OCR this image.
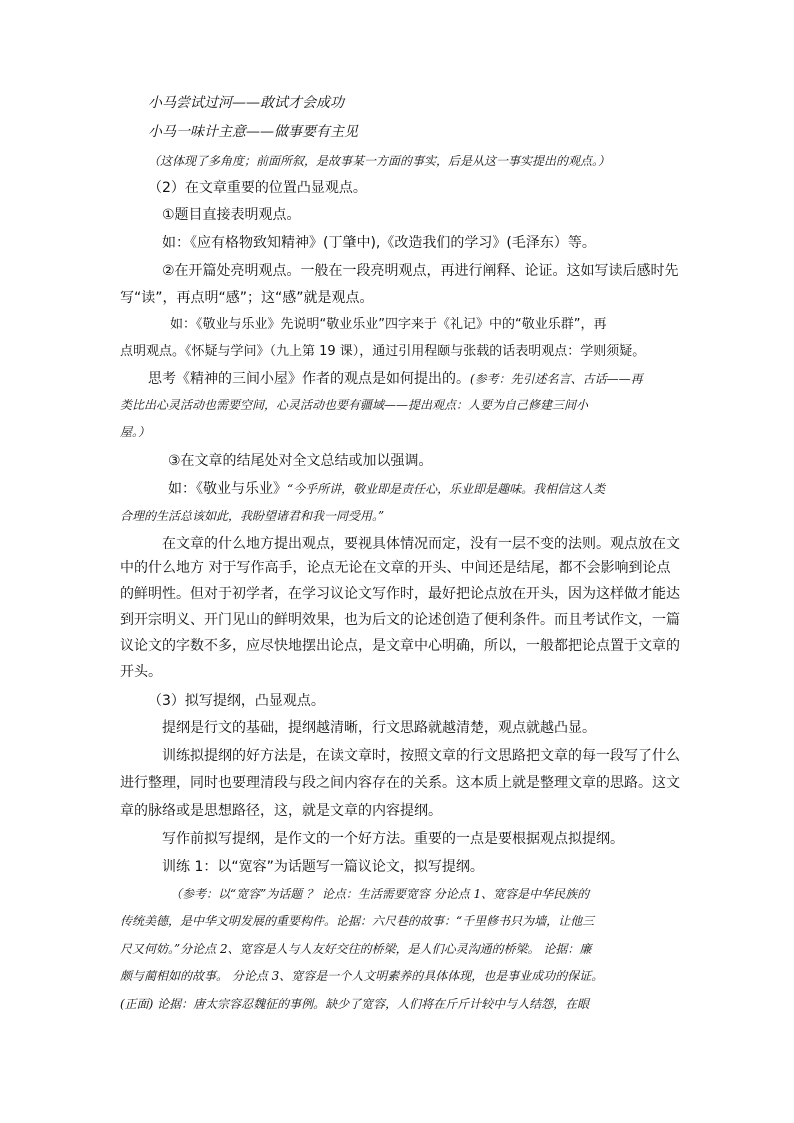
小马尝试过河——敢试才会成功
小马一味计主意——做事要有主见
（这体现了多角度；前面所叙，是故事某一方面的事实，后是从这一事实提出的观点。）
（2）在文章重要的位置凸显观点。
①题目直接表明观点。
如：《应有格物致知精神》(丁肇中),《改造我们的学习》(毛泽东）等。
②在开篇处亮明观点。一般在一段亮明观点，再进行阐释、论证。这如写读后感时先
写“读”，再点明“感”；这“感”就是观点。
如：《敬业与乐业》先说明“敬业乐业”四字来于《礼记》中的“敬业乐群”，再
点明观点。《怀疑与学问》（九上第 19 课），通过引用程颐与张载的话表明观点：学则须疑。
思考《精神的三间小屋》作者的观点是如何提出的。(参考：先引述名言、古话——再
类比出心灵活动也需要空间，心灵活动也要有疆域——提出观点：人要为自己修建三间小
屋。）
③在文章的结尾处对全文总结或加以强调。
如：《敬业与乐业》“今乎所讲，敬业即是责任心，乐业即是趣味。我相信这人类
合理的生活总该如此，我盼望诸君和我一同受用。”
在文章的什么地方提出观点，要视具体情况而定，没有一层不变的法则。观点放在文
中的什么地方 对于写作高手，论点无论在文章的开头、中间还是结尾，都不会影响到论点
的鲜明性。但对于初学者，在学习议论文写作时，最好把论点放在开头，因为这样做才能达
到开宗明义、开门见山的鲜明效果，也为后文的论述创造了便利条件。而且考试作文，一篇
议论文的字数不多，应尽快地摆出论点，是文章中心明确，所以，一般都把论点置于文章的
开头。
（3）拟写提纲，凸显观点。
提纲是行文的基础，提纲越清晰，行文思路就越清楚，观点就越凸显。
训练拟提纲的好方法是，在读文章时，按照文章的行文思路把文章的每一段写了什么
进行整理，同时也要理清段与段之间内容存在的关系。这本质上就是整理文章的思路。这文
章的脉络或是思想路径，这，就是文章的内容提纲。
写作前拟写提纲，是作文的一个好方法。重要的一点是要根据观点拟提纲。
训练 1：以“宽容”为话题写一篇议论文，拟写提纲。
（参考：以“宽容”为话题 ？ 论点：生活需要宽容 分论点 1、宽容是中华民族的
传统美德，是中华文明发展的重要构件。论据：六尺巷的故事：“千里修书只为墙，让他三
尺又何妨。”分论点 2、宽容是人与人友好交往的桥梁，是人们心灵沟通的桥梁。 论据：廉
颇与蔺相如的故事。 分论点 3、宽容是一个人文明素养的具体体现，也是事业成功的保证。
(正面) 论据：唐太宗容忍魏征的事例。缺少了宽容，人们将在斤斤计较中与人结怨，在眼
